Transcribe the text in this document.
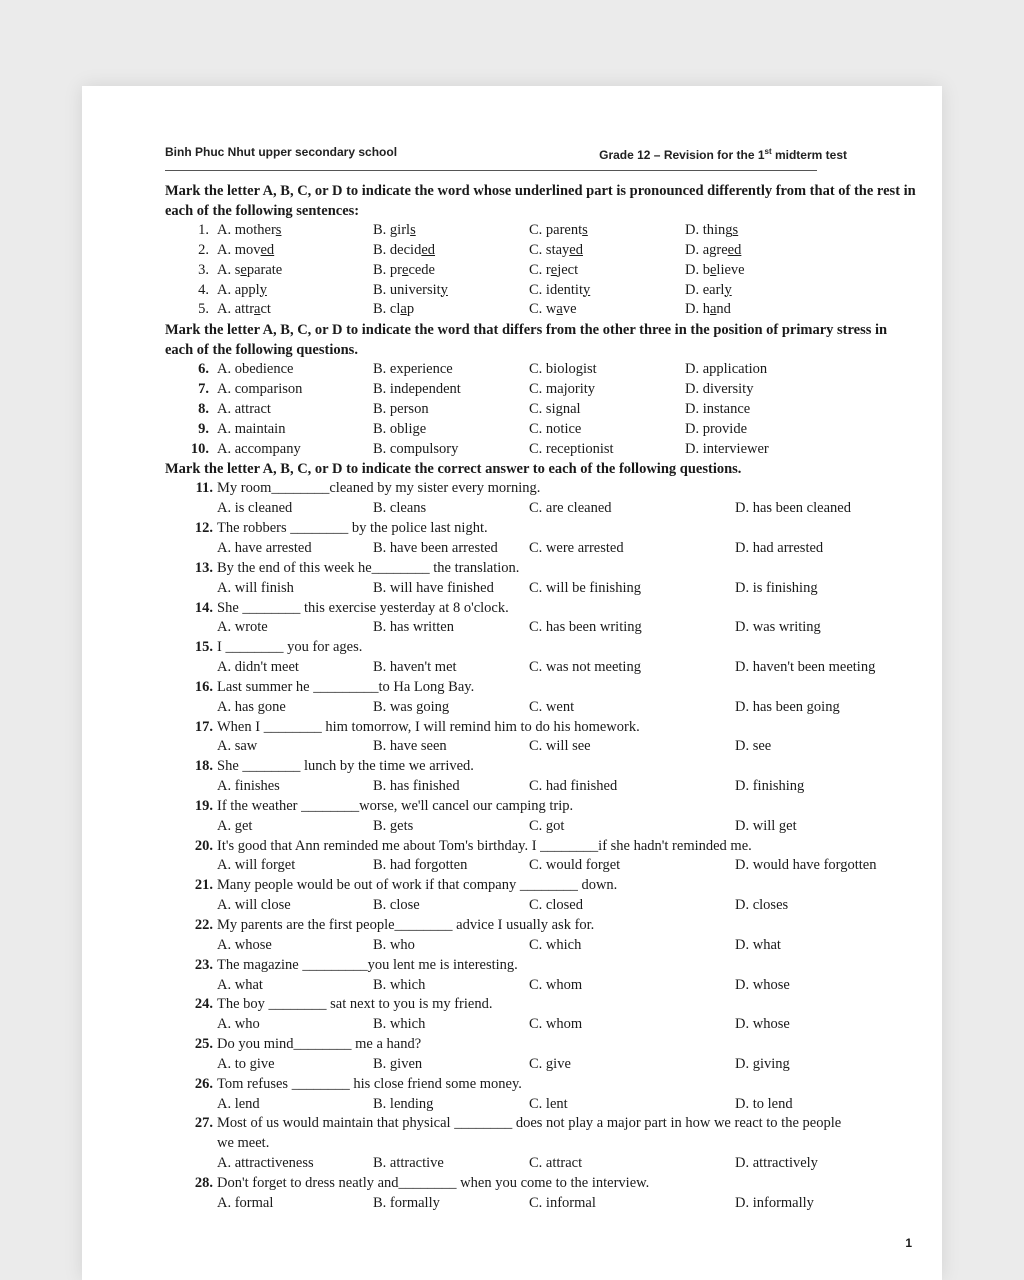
Binh Phuc Nhut upper secondary school	Grade 12 – Revision for the 1st midterm test
Mark the letter A, B, C, or D to indicate the word whose underlined part is pronounced differently from that of the rest in each of the following sentences:
1. A. mothers	B. girls	C. parents	D. things
2. A. moved	B. decided	C. stayed	D. agreed
3. A. separate	B. precede	C. reject	D. believe
4. A. apply	B. university	C. identity	D. early
5. A. attract	B. clap	C. wave	D. hand
Mark the letter A, B, C, or D to indicate the word that differs from the other three in the position of primary stress in each of the following questions.
6. A. obedience	B. experience	C. biologist	D. application
7. A. comparison	B. independent	C. majority	D. diversity
8. A. attract	B. person	C. signal	D. instance
9. A. maintain	B. oblige	C. notice	D. provide
10. A. accompany	B. compulsory	C. receptionist	D. interviewer
Mark the letter A, B, C, or D to indicate the correct answer to each of the following questions.
11. My room________cleaned by my sister every morning.
A. is cleaned	B. cleans	C. are cleaned	D. has been cleaned
12. The robbers ________ by the police last night.
A. have arrested	B. have been arrested	C. were arrested	D. had arrested
13. By the end of this week he________ the translation.
A. will finish	B. will have finished	C. will be finishing	D. is finishing
14. She ________ this exercise yesterday at 8 o'clock.
A. wrote	B. has written	C. has been writing	D. was writing
15. I ________ you for ages.
A. didn't meet	B. haven't met	C. was not meeting	D. haven't been meeting
16. Last summer he _________to Ha Long Bay.
A. has gone	B. was going	C. went	D. has been going
17. When I ________ him tomorrow, I will remind him to do his homework.
A. saw	B. have seen	C. will see	D. see
18. She ________ lunch by the time we arrived.
A. finishes	B. has finished	C. had finished	D. finishing
19. If the weather ________worse, we'll cancel our camping trip.
A. get	B. gets	C. got	D. will get
20. It's good that Ann reminded me about Tom's birthday. I ________if she hadn't reminded me.
A. will forget	B. had forgotten	C. would forget	D. would have forgotten
21. Many people would be out of work if that company ________ down.
A. will close	B. close	C. closed	D. closes
22. My parents are the first people________ advice I usually ask for.
A. whose	B. who	C. which	D. what
23. The magazine _________you lent me is interesting.
A. what	B. which	C. whom	D. whose
24. The boy ________ sat next to you is my friend.
A. who	B. which	C. whom	D. whose
25. Do you mind________ me a hand?
A. to give	B. given	C. give	D. giving
26. Tom refuses ________ his close friend some money.
A. lend	B. lending	C. lent	D. to lend
27. Most of us would maintain that physical ________ does not play a major part in how we react to the people
we meet.
A. attractiveness	B. attractive	C. attract	D. attractively
28. Don't forget to dress neatly and________ when you come to the interview.
A. formal	B. formally	C. informal	D. informally
1
